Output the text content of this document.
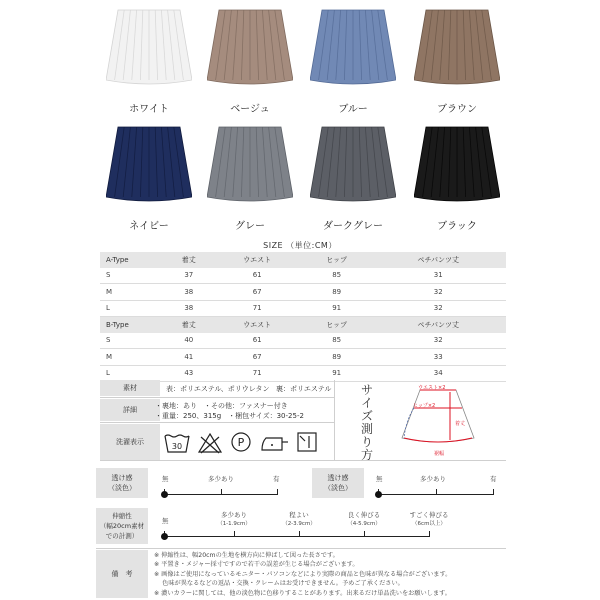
ホワイト	ベージュ	ブルー	ブラウン
ネイビー	グレー	ダークグレー	ブラック
SIZE （単位:CM）
A-Type	着丈	ウエスト	ヒップ	ペチパンツ丈
S	37	61	85	31
M	38	67	89	32
L	38	71	91	32
B-Type	着丈	ウエスト	ヒップ	ペチパンツ丈
S	40	61	85	32
M	41	67	89	33
L	43	71	91	34
素材	表：ポリエステル、ポリウレタン 裏：ポリエステル
詳細	・裏地：あり　・その他：ファスナー付き
・重量：250、315g　・梱包サイズ：30-25-2
洗濯表示	30	P
サイズ測り方
ウエスト×2
ヒップ×2
着丈
裾幅
透け感
（淡色）
無	多少あり	有	透け感
（淡色）
無	多少あり	有
伸縮性
（幅20cm素材
での計測）
無
多少あり
（1-1.9cm）
程よい
（2-3.9cm）
良く伸びる
（4-5.9cm）
すごく伸びる
（6cm以上）
備　考
※ 伸縮性は、幅20cmの生地を横方向に伸ばして図った長さです。
※ 平置き・メジャー採寸ですので若干の誤差が生じる場合がございます。
※ 画像はご使用になっているモニター・パソコンなどにより実際の商品と色味が異なる場合がございます。
　 色味が異なるなどの返品・交換・クレームはお受けできません。予めご了承ください。
※ 濃いカラーに関しては、他の淡色物に色移りすることがあります。出来るだけ単品洗いをお願いします。
